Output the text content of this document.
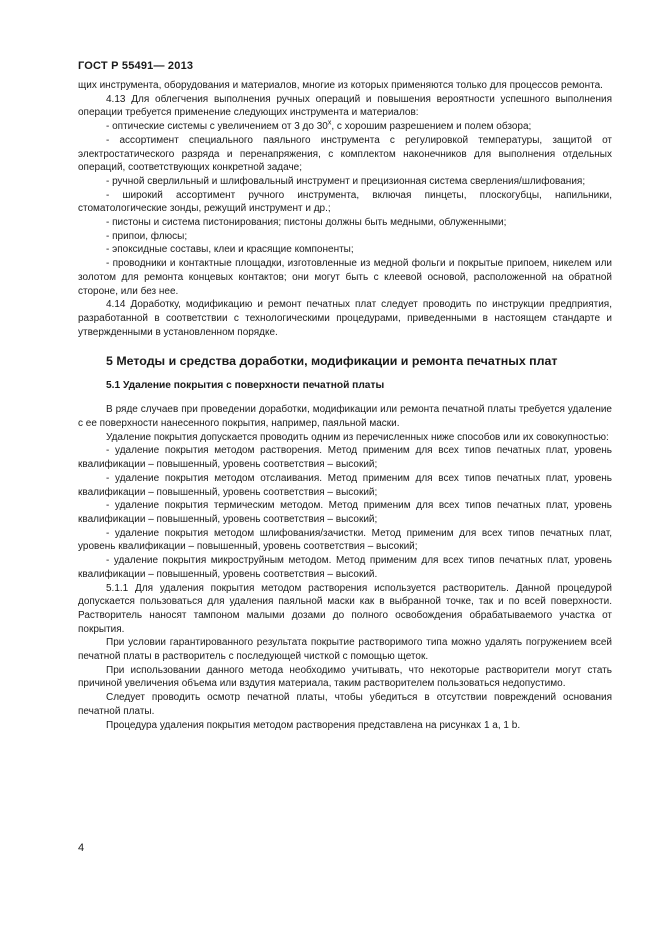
ГОСТ Р 55491— 2013

щих инструмента, оборудования и материалов, многие из которых применяются только для процессов ремонта.

4.13 Для облегчения выполнения ручных операций и повышения вероятности успешного выполнения операции требуется применение следующих инструмента и материалов:

- оптические системы с увеличением от 3 до $30^х$, с хорошим разрешением и полем обзора;

- ассортимент специального паяльного инструмента с регулировкой температуры, защитой от электростатического разряда и перенапряжения, с комплектом наконечников для выполнения отдельных операций, соответствующих конкретной задаче;

- ручной сверлильный и шлифовальный инструмент и прецизионная система сверления/шлифования;

- широкий ассортимент ручного инструмента, включая пинцеты, плоскогубцы, напильники, стоматологические зонды, режущий инструмент и др.;

- пистоны и система пистонирования; пистоны должны быть медными, облуженными;

- припои, флюсы;

- эпоксидные составы, клеи и красящие компоненты;

- проводники и контактные площадки, изготовленные из медной фольги и покрытые припоем, никелем или золотом для ремонта концевых контактов; они могут быть с клеевой основой, расположенной на обратной стороне, или без нее.

4.14 Доработку, модификацию и ремонт печатных плат следует проводить по инструкции предприятия, разработанной в соответствии с технологическими процедурами, приведенными в настоящем стандарте и утвержденными в установленном порядке.

5 Методы и средства доработки, модификации и ремонта печатных плат

5.1 Удаление покрытия с поверхности печатной платы

В ряде случаев при проведении доработки, модификации или ремонта печатной платы требуется удаление с ее поверхности нанесенного покрытия, например, паяльной маски.

Удаление покрытия допускается проводить одним из перечисленных ниже способов или их совокупностью:

- удаление покрытия методом растворения. Метод применим для всех типов печатных плат, уровень квалификации – повышенный, уровень соответствия – высокий;

- удаление покрытия методом отслаивания. Метод применим для всех типов печатных плат, уровень квалификации – повышенный, уровень соответствия – высокий;

- удаление покрытия термическим методом. Метод применим для всех типов печатных плат, уровень квалификации – повышенный, уровень соответствия – высокий;

- удаление покрытия методом шлифования/зачистки. Метод применим для всех типов печатных плат, уровень квалификации – повышенный, уровень соответствия – высокий;

- удаление покрытия микроструйным методом. Метод применим для всех типов печатных плат, уровень квалификации – повышенный, уровень соответствия – высокий.

5.1.1 Для удаления покрытия методом растворения используется растворитель. Данной процедурой допускается пользоваться для удаления паяльной маски как в выбранной точке, так и по всей поверхности. Растворитель наносят тампоном малыми дозами до полного освобождения обрабатываемого участка от покрытия.

При условии гарантированного результата покрытие растворимого типа можно удалять погружением всей печатной платы в растворитель с последующей чисткой с помощью щеток.

При использовании данного метода необходимо учитывать, что некоторые растворители могут стать причиной увеличения объема или вздутия материала, таким растворителем пользоваться недопустимо.

Следует проводить осмотр печатной платы, чтобы убедиться в отсутствии повреждений основания печатной платы.

Процедура удаления покрытия методом растворения представлена на рисунках 1 а, 1 b.

4
